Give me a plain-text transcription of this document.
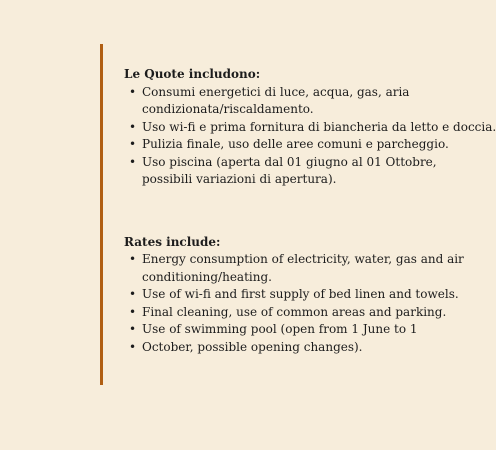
Le Quote includono:
• Consumi energetici di luce, acqua, gas, aria condizionata/riscaldamento.
• Uso wi-fi e prima fornitura di biancheria da letto e doccia.
• Pulizia finale, uso delle aree comuni e parcheggio.
• Uso piscina (aperta dal 01 giugno al 01 Ottobre, possibili variazioni di apertura).
Rates include:
• Energy consumption of electricity, water, gas and air conditioning/heating.
• Use of wi-fi and first supply of bed linen and towels.
• Final cleaning, use of common areas and parking.
• Use of swimming pool (open from 1 June to 1
• October, possible opening changes).
